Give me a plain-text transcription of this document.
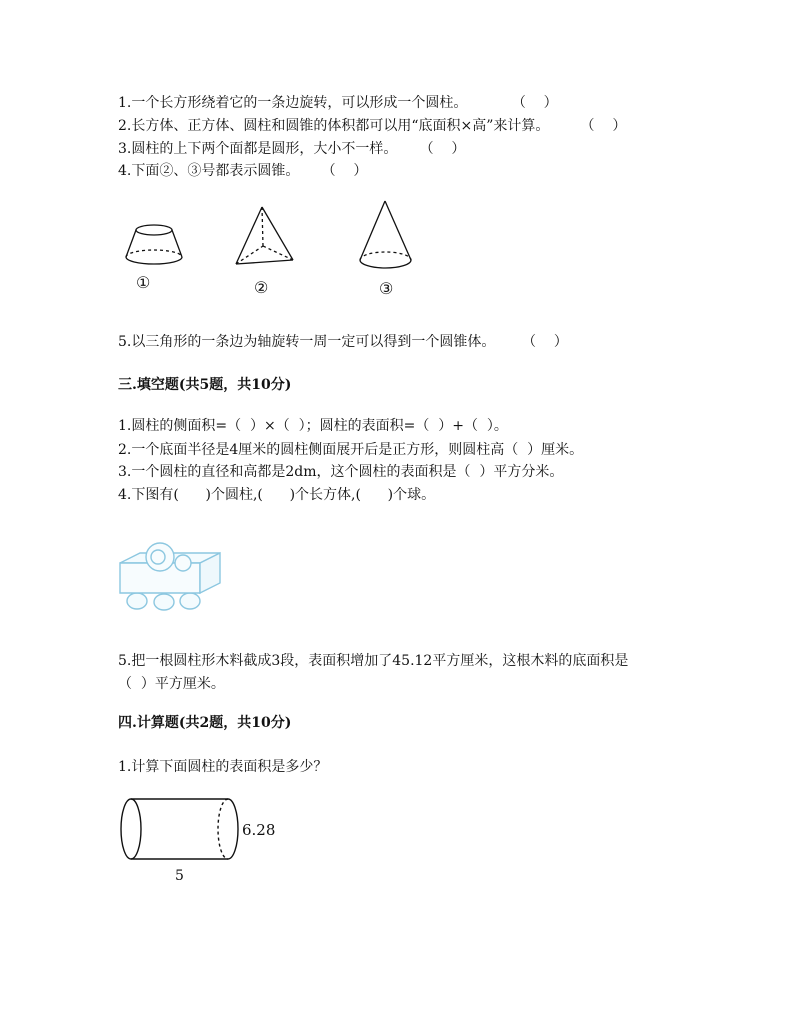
1.一个长方形绕着它的一条边旋转，可以形成一个圆柱。          （    ）
2.长方体、正方体、圆柱和圆锥的体积都可以用“底面积×高”来计算。       （    ）
3.圆柱的上下两个面都是圆形，大小不一样。     （    ）
4.下面②、③号都表示圆锥。     （    ）
①	②	③
5.以三角形的一条边为轴旋转一周一定可以得到一个圆锥体。      （    ）
三.填空题(共5题，共10分)
1.圆柱的侧面积=（  ）×（  ）；圆柱的表面积=（  ）+（  ）。
2.一个底面半径是4厘米的圆柱侧面展开后是正方形，则圆柱高（  ）厘米。
3.一个圆柱的直径和高都是2dm，这个圆柱的表面积是（  ）平方分米。
4.下图有(      )个圆柱,(      )个长方体,(      )个球。
5.把一根圆柱形木料截成3段，表面积增加了45.12平方厘米，这根木料的底面积是
（  ）平方厘米。
四.计算题(共2题，共10分)
1.计算下面圆柱的表面积是多少？
6.28
5
